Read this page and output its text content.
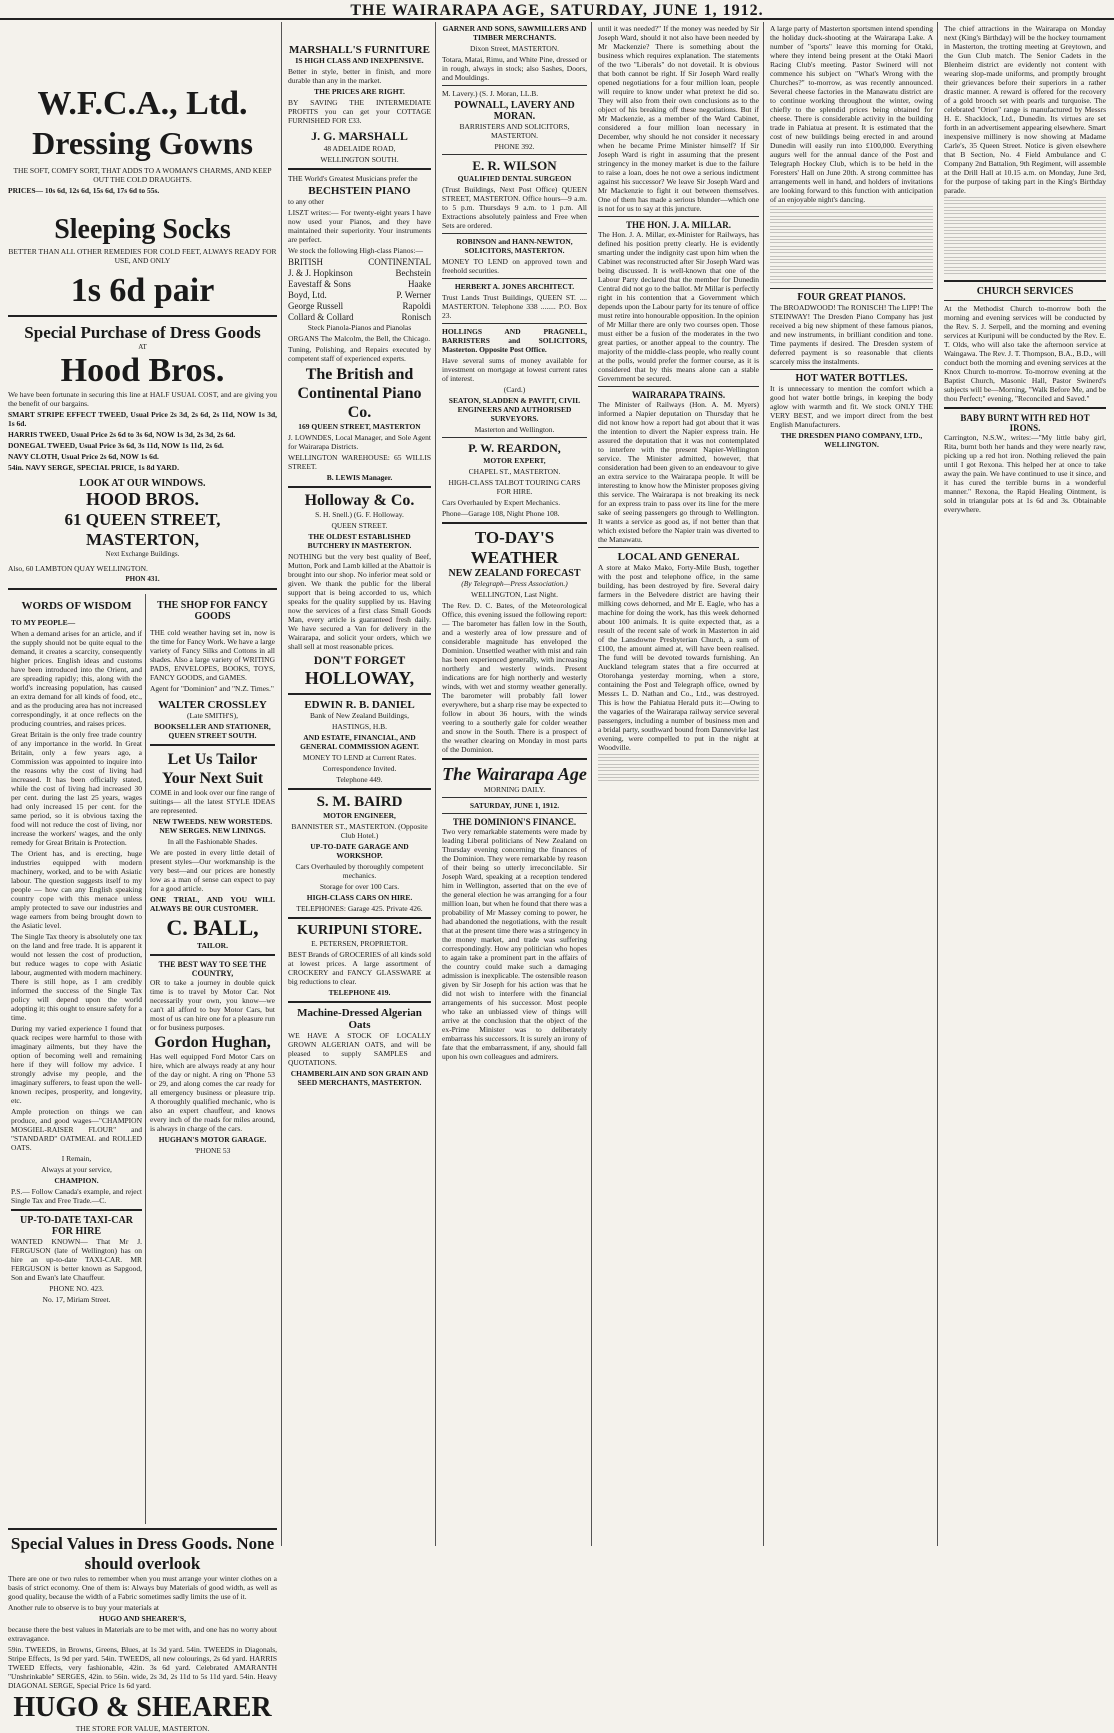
THE WAIRARAPA AGE, SATURDAY, JUNE 1, 1912.
W.F.C.A., Ltd.
Dressing Gowns
THE SOFT, COMFY SORT, THAT ADDS TO A WOMAN'S CHARMS, AND KEEP OUT THE COLD DRAUGHTS.
PRICES— 10s 6d, 12s 6d, 15s 6d, 17s 6d to 55s.
Sleeping Socks
BETTER THAN ALL OTHER REMEDIES FOR COLD FEET, ALWAYS READY FOR USE, AND ONLY
1s 6d pair
Special Purchase of Dress Goods
AT
Hood Bros.
We have been fortunate in securing this line at HALF USUAL COST, and are giving you the benefit of our bargains.
SMART STRIPE EFFECT TWEED, Usual Price 2s 3d, 2s 6d, 2s 11d, NOW 1s 3d, 1s 6d.
HARRIS TWEED, Usual Price 2s 6d to 3s 6d, NOW 1s 3d, 2s 3d, 2s 6d.
DONEGAL TWEED, Usual Price 3s 6d, 3s 11d, NOW 1s 11d, 2s 6d.
NAVY CLOTH, Usual Price 2s 6d, NOW 1s 6d.
54in. NAVY SERGE, SPECIAL PRICE, 1s 8d YARD.
LOOK AT OUR WINDOWS.
HOOD BROS.
61 QUEEN STREET, MASTERTON,
Next Exchange Buildings.
Also, 60 LAMBTON QUAY WELLINGTON.
PHON 431.
WORDS OF WISDOM
TO MY PEOPLE—
When a demand arises for an article, and if the supply should not be quite equal to the demand, it creates a scarcity, consequently higher prices. English ideas and customs have been introduced into the Orient, and are spreading rapidly; this, along with the world's increasing population, has caused an extra demand for all kinds of food, etc., and as the producing area has not increased correspondingly, it at once reflects on the producing countries, and raises prices.
Great Britain is the only free trade country of any importance in the world. In Great Britain, only a few years ago, a Commission was appointed to inquire into the reasons why the cost of living had increased. It has been officially stated, while the cost of living had increased 30 per cent. during the last 25 years, wages had only increased 15 per cent. for the same period, so it is obvious taxing the food will not reduce the cost of living, nor increase the workers' wages, and the only remedy for Great Britain is Protection.
The Orient has, and is erecting, huge industries equipped with modern machinery, worked, and to be with Asiatic labour. The question suggests itself to my people — how can any English speaking country cope with this menace unless amply protected to save our industries and wage earners from being brought down to the Asiatic level.
The Single Tax theory is absolutely one tax on the land and free trade. It is apparent it would not lessen the cost of production, but reduce wages to cope with Asiatic labour, augmented with modern machinery. There is still hope, as I am credibly informed the success of the Single Tax policy will depend upon the world adopting it; this ought to ensure safety for a time.
During my varied experience I found that quack recipes were harmful to those with imaginary ailments, but they have the option of becoming well and remaining here if they will follow my advice. I strongly advise my people, and the imaginary sufferers, to feast upon the well-known recipes, prosperity, and longevity, etc.
Ample protection on things we can produce, and good wages—"CHAMPION MOSGIEL-RAISER FLOUR" and "STANDARD" OATMEAL and ROLLED OATS.
I Remain,
Always at your service,
CHAMPION.
P.S.— Follow Canada's example, and reject Single Tax and Free Trade.—C.
UP-TO-DATE TAXI-CAR FOR HIRE
WANTED KNOWN— That Mr J. FERGUSON (late of Wellington) has on hire an up-to-date TAXI-CAR. MR FERGUSON is better known as Sapgood, Son and Ewan's late Chauffeur.
PHONE NO. 423.
No. 17, Miriam Street.
THE SHOP FOR FANCY GOODS
THE cold weather having set in, now is the time for Fancy Work. We have a large variety of Fancy Silks and Cottons in all shades. Also a large variety of WRITING PADS, ENVELOPES, BOOKS, TOYS, FANCY GOODS, and GAMES.
Agent for "Dominion" and "N.Z. Times."
WALTER CROSSLEY
(Late SMITH'S),
BOOKSELLER AND STATIONER, QUEEN STREET SOUTH.
Let Us Tailor Your Next Suit
COME in and look over our fine range of suitings— all the latest STYLE IDEAS are represented.
NEW TWEEDS. NEW WORSTEDS. NEW SERGES. NEW LININGS.
In all the Fashionable Shades.
We are posted in every little detail of present styles—Our workmanship is the very best—and our prices are honestly low as a man of sense can expect to pay for a good article.
ONE TRIAL, AND YOU WILL ALWAYS BE OUR CUSTOMER.
C. BALL,
TAILOR.
THE BEST WAY TO SEE THE COUNTRY,
OR to take a journey in double quick time is to travel by Motor Car. Not necessarily your own, you know—we can't all afford to buy Motor Cars, but most of us can hire one for a pleasure run or for business purposes.
Gordon Hughan,
Has well equipped Ford Motor Cars on hire, which are always ready at any hour of the day or night. A ring on 'Phone 53 or 29, and along comes the car ready for all emergency business or pleasure trip. A thoroughly qualified mechanic, who is also an expert chauffeur, and knows every inch of the roads for miles around, is always in charge of the cars.
HUGHAN'S MOTOR GARAGE.
'PHONE 53
Special Values in Dress Goods. None should overlook
There are one or two rules to remember when you must arrange your winter clothes on a basis of strict economy. One of them is: Always buy Materials of good width, as well as good quality, because the width of a Fabric sometimes sadly limits the use of it.
Another rule to observe is to buy your materials at
HUGO AND SHEARER'S,
because there the best values in Materials are to be met with, and one has no worry about extravagance.
59in. TWEEDS, in Browns, Greens, Blues, at 1s 3d yard. 54in. TWEEDS in Diagonals, Stripe Effects, 1s 9d per yard. 54in. TWEEDS, all new colourings, 2s 6d yard. HARRIS TWEED Effects, very fashionable, 42in. 3s 6d yard. Celebrated AMARANTH "Unshrinkable" SERGES, 42in. to 56in. wide, 2s 3d, 2s 11d to 5s 11d yard. 54in. Heavy DIAGONAL SERGE, Special Price 1s 6d yard.
HUGO & SHEARER
THE STORE FOR VALUE, MASTERTON.
MARSHALL'S FURNITURE
IS HIGH CLASS AND INEXPENSIVE.
Better in style, better in finish, and more durable than any in the market.
THE PRICES ARE RIGHT.
BY SAVING THE INTERMEDIATE PROFITS you can get your COTTAGE FURNISHED FOR £33.
J. G. MARSHALL
48 ADELAIDE ROAD,
WELLINGTON SOUTH.
THE World's Greatest Musicians prefer the
BECHSTEIN PIANO
to any other
LISZT writes:— For twenty-eight years I have now used your Pianos, and they have maintained their superiority. Your instruments are perfect.
We stock the following High-class Pianos:—
BRITISH	CONTINENTAL
J. & J. Hopkinson	Bechstein
Eavestaff & Sons	Haake
Boyd, Ltd.	P. Werner
George Russell	Rapoldi
Collard & Collard	Ronisch
Steck Pianola-Pianos and Pianolas
ORGANS The Malcolm, the Bell, the Chicago.
Tuning, Polishing, and Repairs executed by competent staff of experienced experts.
The British and Continental Piano Co.
169 QUEEN STREET, MASTERTON
J. LOWNDES, Local Manager, and Sole Agent for Wairarapa Districts.
WELLINGTON WAREHOUSE: 65 WILLIS STREET.
B. LEWIS Manager.
Holloway & Co.
S. H. Snell.) (G. F. Holloway.
QUEEN STREET.
THE OLDEST ESTABLISHED BUTCHERY IN MASTERTON.
NOTHING but the very best quality of Beef, Mutton, Pork and Lamb killed at the Abattoir is brought into our shop. No inferior meat sold or given. We thank the public for the liberal support that is being accorded to us, which speaks for the quality supplied by us. Having now the services of a first class Small Goods Man, every article is guaranteed fresh daily. We have secured a Van for delivery in the Wairarapa, and solicit your orders, which we shall sell at most reasonable prices.
DON'T FORGET
HOLLOWAY,
EDWIN R. B. DANIEL
Bank of New Zealand Buildings,
HASTINGS, H.B.
AND ESTATE, FINANCIAL, AND GENERAL COMMISSION AGENT.
MONEY TO LEND at Current Rates.
Correspondence Invited.
Telephone 449.
S. M. BAIRD
MOTOR ENGINEER,
BANNISTER ST., MASTERTON. (Opposite Club Hotel.)
UP-TO-DATE GARAGE AND WORKSHOP.
Cars Overhauled by thoroughly competent mechanics.
Storage for over 100 Cars.
HIGH-CLASS CARS ON HIRE.
TELEPHONES: Garage 425. Private 426.
KURIPUNI STORE.
E. PETERSEN, PROPRIETOR.
BEST Brands of GROCERIES of all kinds sold at lowest prices. A large assortment of CROCKERY and FANCY GLASSWARE at big reductions to clear.
TELEPHONE 419.
Machine-Dressed Algerian Oats
WE HAVE A STOCK OF LOCALLY GROWN ALGERIAN OATS, and will be pleased to supply SAMPLES and QUOTATIONS.
CHAMBERLAIN AND SON GRAIN AND SEED MERCHANTS, MASTERTON.
GARNER AND SONS, SAWMILLERS AND TIMBER MERCHANTS.
Dixon Street, MASTERTON.
Totara, Matai, Rimu, and White Pine, dressed or in rough, always in stock; also Sashes, Doors, and Mouldings.
M. Lavery.) (S. J. Moran, LL.B.
POWNALL, LAVERY AND MORAN.
BARRISTERS AND SOLICITORS, MASTERTON.
PHONE 392.
E. R. WILSON
QUALIFIED DENTAL SURGEON
(Trust Buildings, Next Post Office) QUEEN STREET, MASTERTON. Office hours—9 a.m. to 5 p.m. Thursdays 9 a.m. to 1 p.m. All Extractions absolutely painless and Free when Sets are ordered.
ROBINSON and HANN-NEWTON, SOLICITORS, MASTERTON.
MONEY TO LEND on approved town and freehold securities.
HERBERT A. JONES ARCHITECT.
Trust Lands Trust Buildings, QUEEN ST. .... MASTERTON. Telephone 338 ........ P.O. Box 23.
HOLLINGS AND PRAGNELL, BARRISTERS and SOLICITORS, Masterton. Opposite Post Office.
Have several sums of money available for investment on mortgage at lowest current rates of interest.
(Card.)
SEATON, SLADDEN & PAVITT, CIVIL ENGINEERS AND AUTHORISED SURVEYORS.
Masterton and Wellington.
P. W. REARDON,
MOTOR EXPERT,
CHAPEL ST., MASTERTON.
HIGH-CLASS TALBOT TOURING CARS FOR HIRE.
Cars Overhauled by Expert Mechanics.
Phone—Garage 108, Night Phone 108.
TO-DAY'S WEATHER
NEW ZEALAND FORECAST
(By Telegraph—Press Association.)
WELLINGTON, Last Night.
The Rev. D. C. Bates, of the Meteorological Office, this evening issued the following report:— The barometer has fallen low in the South, and a westerly area of low pressure and of considerable magnitude has enveloped the Dominion. Unsettled weather with mist and rain has been experienced generally, with increasing northerly and westerly winds. Present indications are for high northerly and westerly winds, with wet and stormy weather generally. The barometer will probably fall lower everywhere, but a sharp rise may be expected to follow in about 36 hours, with the winds veering to a southerly gale for colder weather and snow in the South. There is a prospect of the weather clearing on Monday in most parts of the Dominion.
The Wairarapa Age
MORNING DAILY.
SATURDAY, JUNE 1, 1912.
THE DOMINION'S FINANCE.
Two very remarkable statements were made by leading Liberal politicians of New Zealand on Thursday evening concerning the finances of the Dominion. They were remarkable by reason of their being so utterly irreconcilable. Sir Joseph Ward, speaking at a reception tendered him in Wellington, asserted that on the eve of the general election he was arranging for a four million loan, but when he found that there was a probability of Mr Massey coming to power, he had abandoned the negotiations, with the result that at the present time there was a stringency in the money market, and trade was suffering correspondingly. How any politician who hopes to again take a prominent part in the affairs of the country could make such a damaging admission is inexplicable. The ostensible reason given by Sir Joseph for his action was that he did not wish to interfere with the financial arrangements of his successor. Most people who take an unbiassed view of things will arrive at the conclusion that the object of the ex-Prime Minister was to deliberately embarrass his successors. It is surely an irony of fate that the embarrassment, if any, should fall upon his own colleagues and admirers.
until it was needed?" If the money was needed by Sir Joseph Ward, should it not also have been needed by Mr Mackenzie? There is something about the business which requires explanation. The statements of the two "Liberals" do not dovetail. It is obvious that both cannot be right. If Sir Joseph Ward really opened negotiations for a four million loan, people will require to know under what pretext he did so. They will also from their own conclusions as to the object of his breaking off these negotiations. But if Mr Mackenzie, as a member of the Ward Cabinet, considered a four million loan necessary in December, why should he not consider it necessary when he became Prime Minister himself? If Sir Joseph Ward is right in assuming that the present stringency in the money market is due to the failure to raise a loan, does he not owe a serious indictment against his successor? We leave Sir Joseph Ward and Mr Mackenzie to fight it out between themselves. One of them has made a serious blunder—which one is not for us to say at this juncture.
THE HON. J. A. MILLAR.
The Hon. J. A. Millar, ex-Minister for Railways, has defined his position pretty clearly. He is evidently smarting under the indignity cast upon him when the Cabinet was reconstructed after Sir Joseph Ward was being discussed. It is well-known that one of the Labour Party declared that the member for Dunedin Central did not go to the ballot. Mr Millar is perfectly right in his contention that a Government which depends upon the Labour party for its tenure of office must retire into honourable opposition. In the opinion of Mr Millar there are only two courses open. Those must either be a fusion of the moderates in the two great parties, or another appeal to the country. The majority of the middle-class people, who really count at the polls, would prefer the former course, as it is considered that by this means alone can a stable Government be secured.
WAIRARAPA TRAINS.
The Minister of Railways (Hon. A. M. Myers) informed a Napier deputation on Thursday that he did not know how a report had got about that it was the intention to divert the Napier express train. He assured the deputation that it was not contemplated to interfere with the present Napier-Wellington service. The Minister admitted, however, that consideration had been given to an endeavour to give an extra service to the Wairarapa people. It will be interesting to know how the Minister proposes giving this service. The Wairarapa is not breaking its neck for an express train to pass over its line for the mere sake of seeing passengers go through to Wellington. It wants a service as good as, if not better than that which existed before the Napier train was diverted to the Manawatu.
LOCAL AND GENERAL
A store at Mako Mako, Forty-Mile Bush, together with the post and telephone office, in the same building, has been destroyed by fire. Several dairy farmers in the Belvedere district are having their milking cows dehorned, and Mr E. Eagle, who has a machine for doing the work, has this week dehorned about 100 animals. It is quite expected that, as a result of the recent sale of work in Masterton in aid of the Lansdowne Presbyterian Church, a sum of £100, the amount aimed at, will have been realised. The fund will be devoted towards furnishing. An Auckland telegram states that a fire occurred at Otorohanga yesterday morning, when a store, containing the Post and Telegraph office, owned by Messrs L. D. Nathan and Co., Ltd., was destroyed. This is how the Pahiatua Herald puts it:—Owing to the vagaries of the Wairarapa railway service several passengers, including a number of business men and a bridal party, southward bound from Dannevirke last evening, were compelled to put in the night at Woodville.
A large party of Masterton sportsmen intend spending the holiday duck-shooting at the Wairarapa Lake. A number of "sports" leave this morning for Otaki, where they intend being present at the Otaki Maori Racing Club's meeting. Pastor Swinerd will not commence his subject on "What's Wrong with the Churches?" to-morrow, as was recently announced. Several cheese factories in the Manawatu district are to continue working throughout the winter, owing chiefly to the splendid prices being obtained for cheese. There is considerable activity in the building trade in Pahiatua at present. It is estimated that the cost of new buildings being erected in and around Dunedin will easily run into £100,000. Everything augurs well for the annual dance of the Post and Telegraph Hockey Club, which is to be held in the Foresters' Hall on June 20th. A strong committee has arrangements well in hand, and holders of invitations are looking forward to this function with anticipation of an enjoyable night's dancing.
FOUR GREAT PIANOS.
The BROADWOOD! The RONISCH! The LIPP! The STEINWAY! The Dresden Piano Company has just received a big new shipment of these famous pianos, and new instruments, in brilliant condition and tone. Time payments if desired. The Dresden system of deferred payment is so reasonable that clients scarcely miss the instalments.
HOT WATER BOTTLES.
It is unnecessary to mention the comfort which a good hot water bottle brings, in keeping the body aglow with warmth and fit. We stock ONLY THE VERY BEST, and we import direct from the best English Manufacturers.
THE DRESDEN PIANO COMPANY, LTD., WELLINGTON.
The chief attractions in the Wairarapa on Monday next (King's Birthday) will be the hockey tournament in Masterton, the trotting meeting at Greytown, and the Gun Club match. The Senior Cadets in the Blenheim district are evidently not content with wearing slop-made uniforms, and promptly brought their grievances before their superiors in a rather drastic manner. A reward is offered for the recovery of a gold brooch set with pearls and turquoise. The celebrated "Orion" range is manufactured by Messrs H. E. Shacklock, Ltd., Dunedin. Its virtues are set forth in an advertisement appearing elsewhere. Smart inexpensive millinery is now showing at Madame Carle's, 35 Queen Street. Notice is given elsewhere that B Section, No. 4 Field Ambulance and C Company 2nd Battalion, 9th Regiment, will assemble at the Drill Hall at 10.15 a.m. on Monday, June 3rd, for the purpose of taking part in the King's Birthday parade.
CHURCH SERVICES
At the Methodist Church to-morrow both the morning and evening services will be conducted by the Rev. S. J. Serpell, and the morning and evening services at Kuripuni will be conducted by the Rev. E. T. Olds, who will also take the afternoon service at Waingawa. The Rev. J. T. Thompson, B.A., B.D., will conduct both the morning and evening services at the Knox Church to-morrow. To-morrow evening at the Baptist Church, Masonic Hall, Pastor Swinerd's subjects will be—Morning, "Walk Before Me, and be thou Perfect;" evening, "Reconciled and Saved."
BABY BURNT WITH RED HOT IRONS.
Carrington, N.S.W., writes:—"My little baby girl, Rita, burnt both her hands and they were nearly raw, picking up a red hot iron. Nothing relieved the pain until I got Rexona. This helped her at once to take away the pain. We have continued to use it since, and it has cured the terrible burns in a wonderful manner." Rexona, the Rapid Healing Ointment, is sold in triangular pots at 1s 6d and 3s. Obtainable everywhere.
